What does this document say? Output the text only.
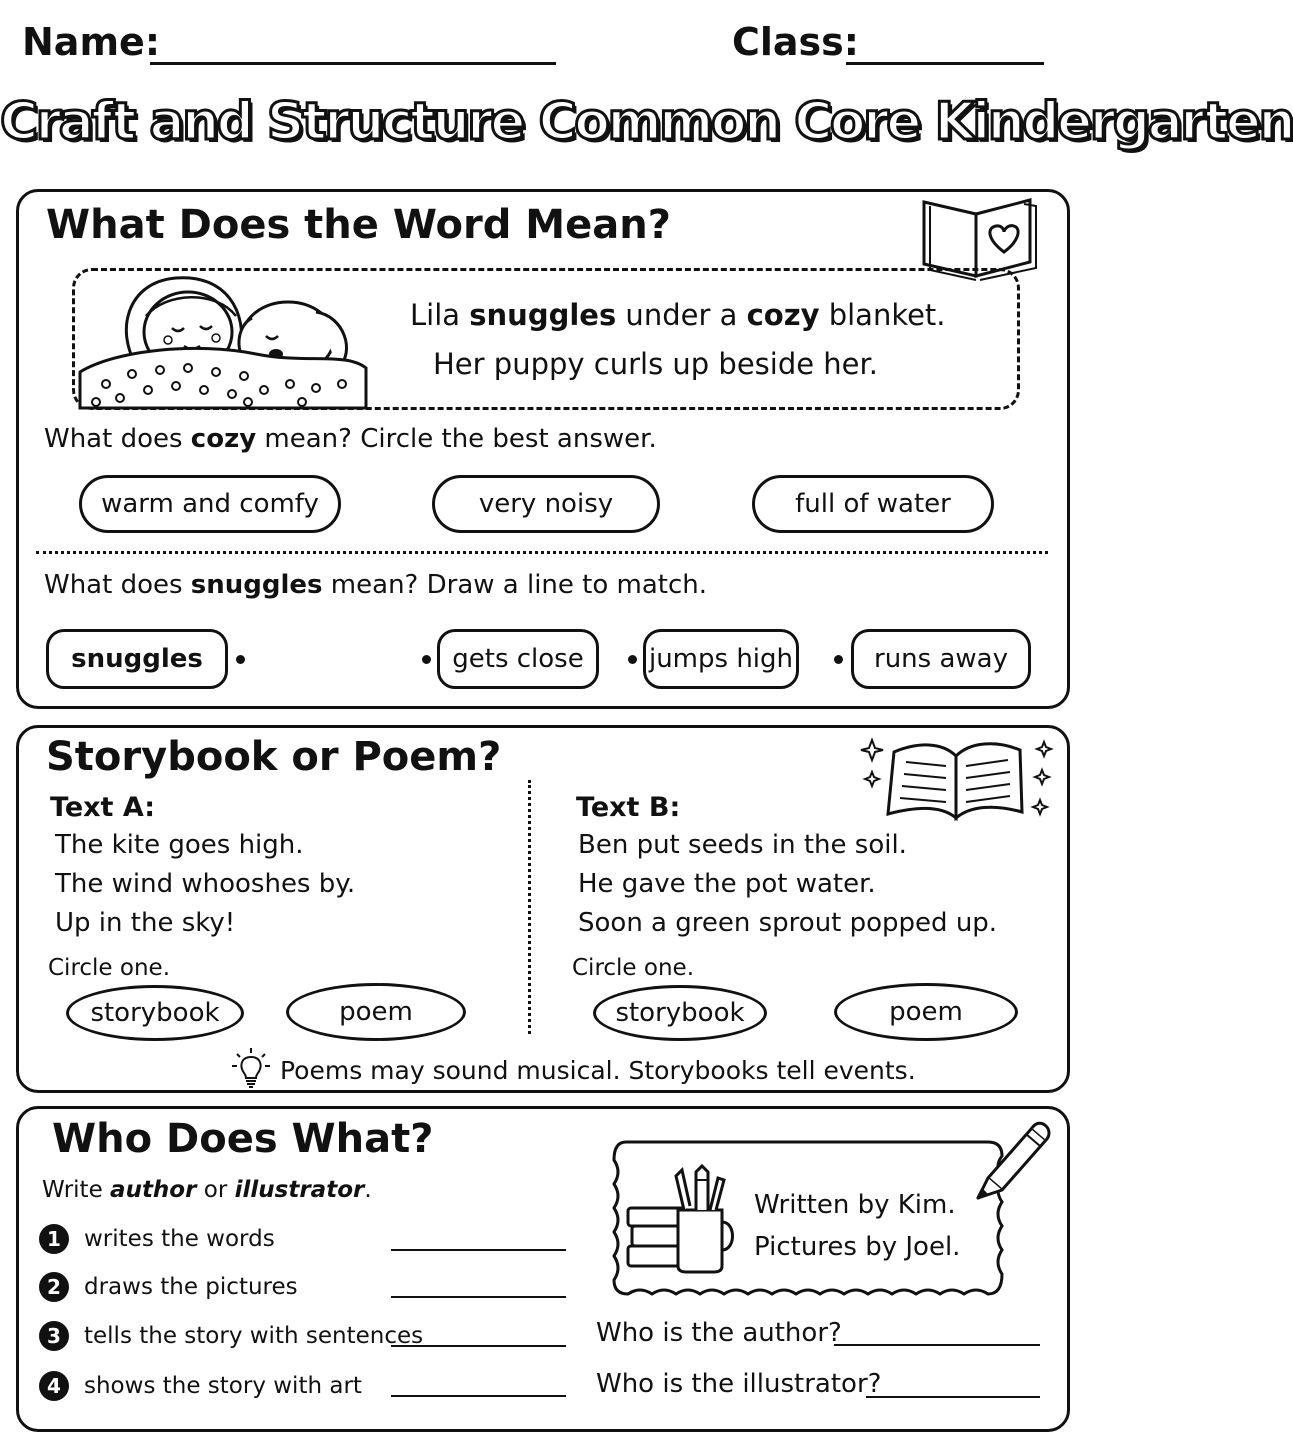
Name:	Class:
Craft and Structure Common Core Kindergarten
What Does the Word Mean?
Lila snuggles under a cozy blanket.
Her puppy curls up beside her.
What does cozy mean? Circle the best answer.
warm and comfy	very noisy	full of water
What does snuggles mean? Draw a line to match.
snuggles	gets close	jumps high	runs away
Storybook or Poem?
Text A:
The kite goes high.
The wind whooshes by.
Up in the sky!
Circle one.
storybook	poem
Text B:
Ben put seeds in the soil.
He gave the pot water.
Soon a green sprout popped up.
Circle one.
storybook	poem
Poems may sound musical. Storybooks tell events.
Who Does What?
Write author or illustrator.
1	writes the words
2	draws the pictures
3	tells the story with sentences
4	shows the story with art
Written by Kim.
Pictures by Joel.
Who is the author?
Who is the illustrator?
